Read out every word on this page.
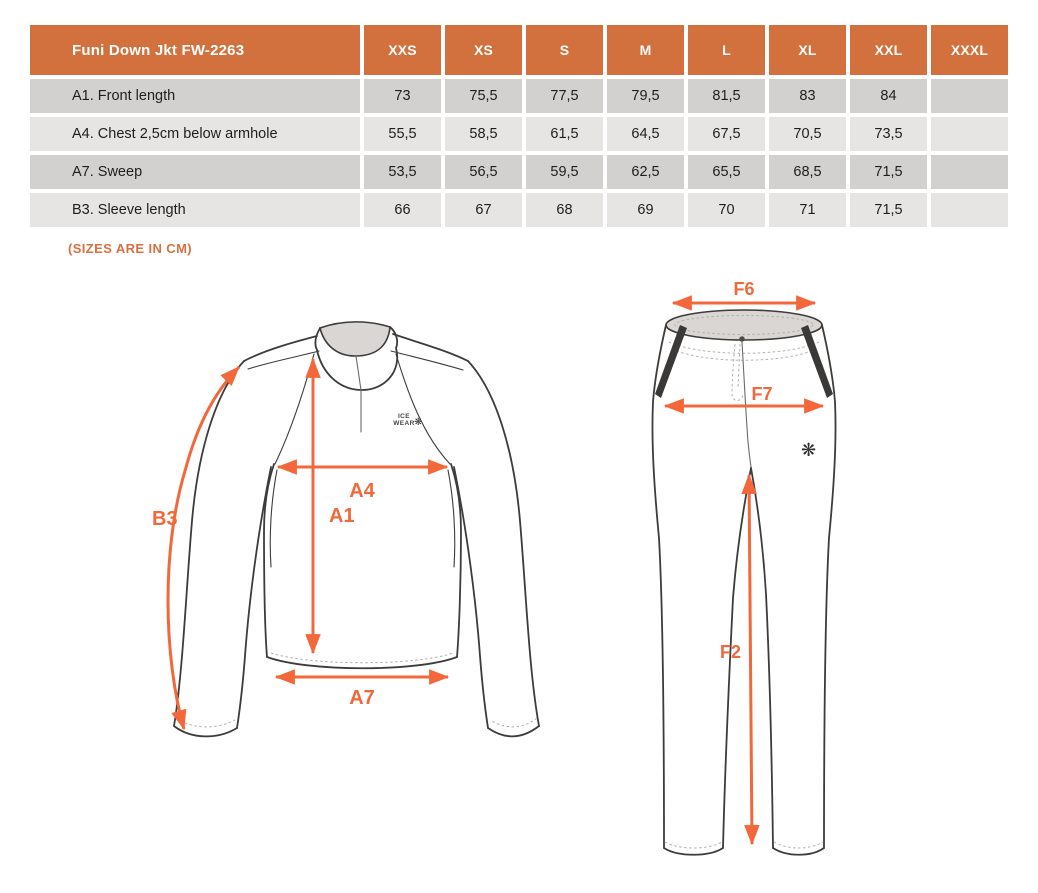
Funi Down Jkt FW-2263	XXS	XS	S	M	L	XL	XXL	XXXL
A1. Front length	73	75,5	77,5	79,5	81,5	83	84
A4. Chest 2,5cm below armhole	55,5	58,5	61,5	64,5	67,5	70,5	73,5
A7. Sweep	53,5	56,5	59,5	62,5	65,5	68,5	71,5
B3. Sleeve length	66	67	68	69	70	71	71,5
(SIZES ARE IN CM)
ICE
WEAR ❋
B3	A1
A4
A7
❋
F6
F7
F2
